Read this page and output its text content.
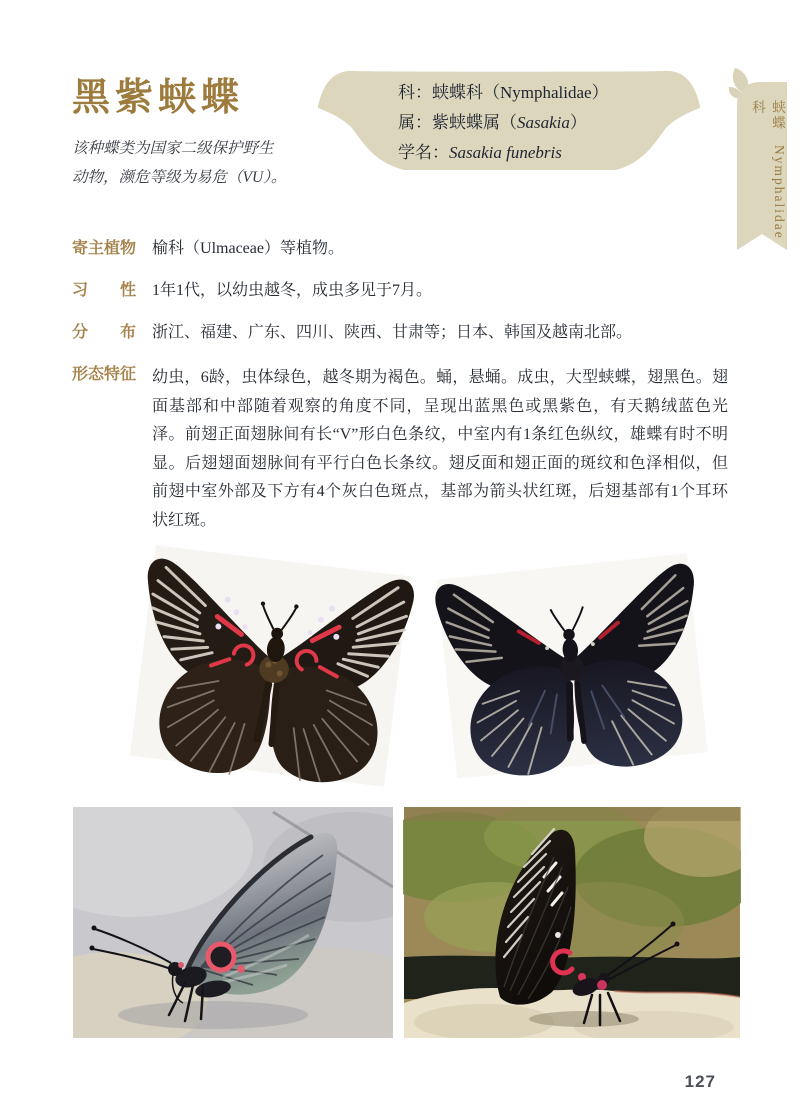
黑紫蛱蝶
该种蝶类为国家二级保护野生
动物，濒危等级为易危（VU）。
科：蛱蝶科（Nymphalidae）
属：紫蛱蝶属（Sasakia）
学名：Sasakia funebris
蛱蝶科
Nymphalidae
寄主植物 榆科（Ulmaceae）等植物。
习　　性 1年1代，以幼虫越冬，成虫多见于7月。
分　　布 浙江、福建、广东、四川、陕西、甘肃等；日本、韩国及越南北部。
形态特征 幼虫，6龄，虫体绿色，越冬期为褐色。蛹，悬蛹。成虫，大型蛱蝶，翅黑色。翅面基部和中部随着观察的角度不同，呈现出蓝黑色或黑紫色，有天鹅绒蓝色光泽。前翅正面翅脉间有长“V”形白色条纹，中室内有1条红色纵纹，雄蝶有时不明显。后翅翅面翅脉间有平行白色长条纹。翅反面和翅正面的斑纹和色泽相似，但前翅中室外部及下方有4个灰白色斑点，基部为箭头状红斑，后翅基部有1个耳环状红斑。
127
